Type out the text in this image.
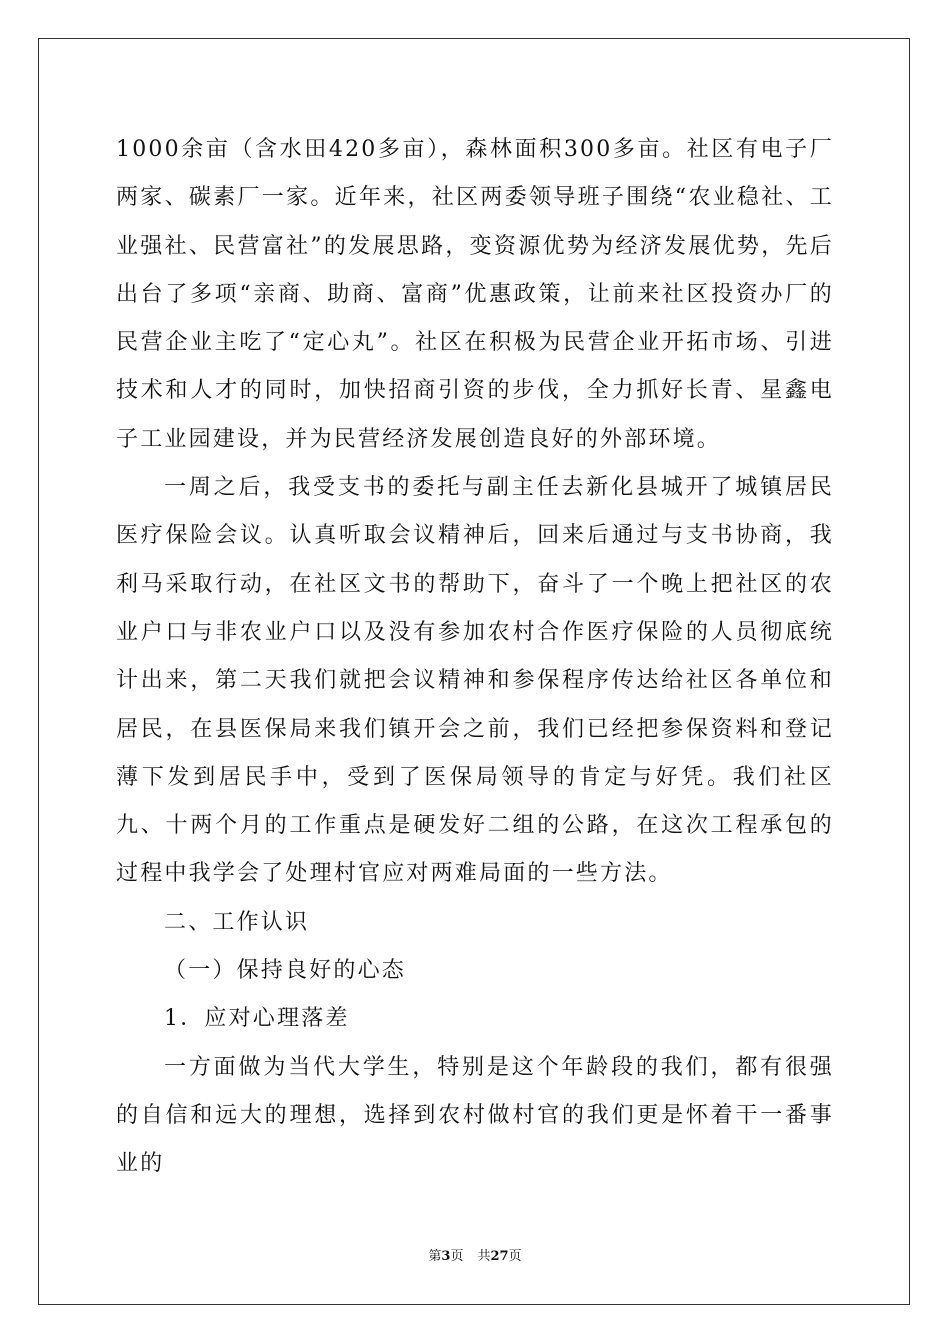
1000余亩（含水田420多亩），森林面积300多亩。社区有电子厂两家、碳素厂一家。近年来，社区两委领导班子围绕“农业稳社、工业强社、民营富社”的发展思路，变资源优势为经济发展优势，先后出台了多项“亲商、助商、富商”优惠政策，让前来社区投资办厂的民营企业主吃了“定心丸”。社区在积极为民营企业开拓市场、引进技术和人才的同时，加快招商引资的步伐，全力抓好长青、星鑫电子工业园建设，并为民营经济发展创造良好的外部环境。

一周之后，我受支书的委托与副主任去新化县城开了城镇居民医疗保险会议。认真听取会议精神后，回来后通过与支书协商，我利马采取行动，在社区文书的帮助下，奋斗了一个晚上把社区的农业户口与非农业户口以及没有参加农村合作医疗保险的人员彻底统计出来，第二天我们就把会议精神和参保程序传达给社区各单位和居民，在县医保局来我们镇开会之前，我们已经把参保资料和登记薄下发到居民手中，受到了医保局领导的肯定与好凭。我们社区九、十两个月的工作重点是硬发好二组的公路，在这次工程承包的过程中我学会了处理村官应对两难局面的一些方法。

二、工作认识

（一）保持良好的心态

1．应对心理落差

一方面做为当代大学生，特别是这个年龄段的我们，都有很强的自信和远大的理想，选择到农村做村官的我们更是怀着干一番事业的

第3页 共27页
